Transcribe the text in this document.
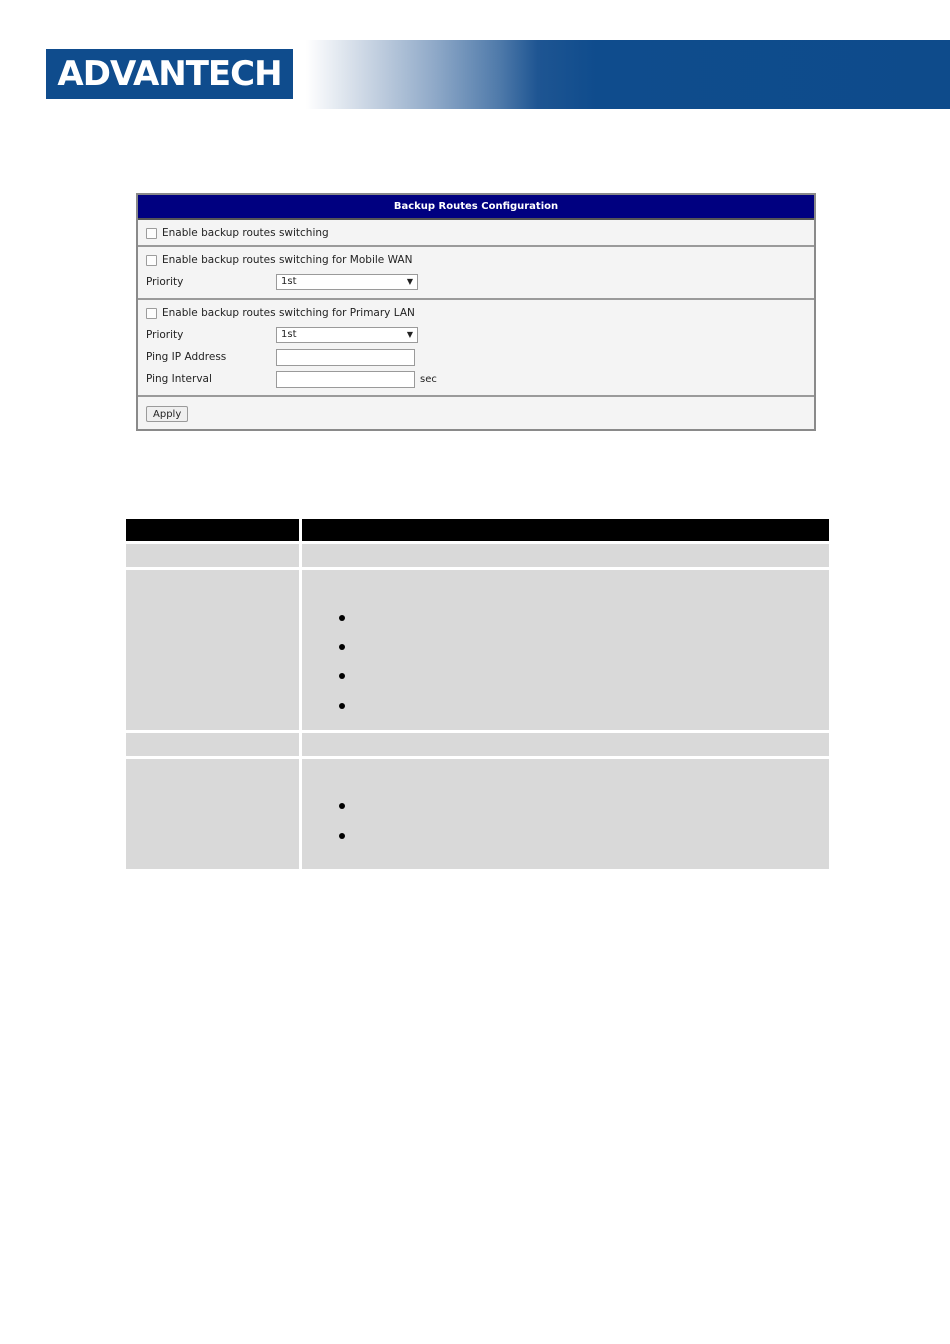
ADVANTECH
Backup Routes Configuration
Enable backup routes switching
Enable backup routes switching for Mobile WAN
Priority	1st	▼
Enable backup routes switching for Primary LAN
Priority	1st	▼
Ping IP Address
Ping Interval	sec
Apply
